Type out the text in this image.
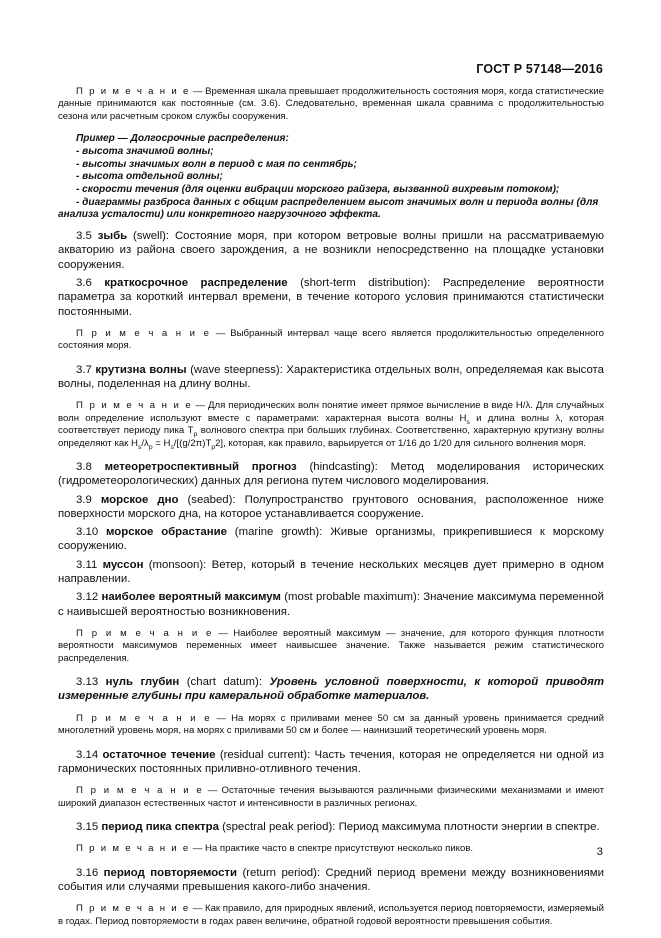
ГОСТ Р 57148—2016

П р и м е ч а н и е — Временная шкала превышает продолжительность состояния моря, когда статистические данные принимаются как постоянные (см. 3.6). Следовательно, временная шкала сравнима с продолжительностью сезона или расчетным сроком службы сооружения.

Пример — Долгосрочные распределения:
- высота значимой волны;
- высоты значимых волн в период с мая по сентябрь;
- высота отдельной волны;
- скорости течения (для оценки вибрации морского райзера, вызванной вихревым потоком);
- диаграммы разброса данных с общим распределением высот значимых волн и периода волны (для анализа усталости) или конкретного нагрузочного эффекта.

3.5 зыбь (swell): Состояние моря, при котором ветровые волны пришли на рассматриваемую акваторию из района своего зарождения, а не возникли непосредственно на площадке установки сооружения.

3.6 краткосрочное распределение (short-term distribution): Распределение вероятности параметра за короткий интервал времени, в течение которого условия принимаются статистически постоянными.

П р и м е ч а н и е — Выбранный интервал чаще всего является продолжительностью определенного состояния моря.

3.7 крутизна волны (wave steepness): Характеристика отдельных волн, определяемая как высота волны, поделенная на длину волны.

П р и м е ч а н и е — Для периодических волн понятие имеет прямое вычисление в виде H/λ. Для случайных волн определение используют вместе с параметрами: характерная высота волны $H_s$ и длина волны λ, которая соответствует периоду пика $T_p$ волнового спектра при больших глубинах. Соответственно, характерную крутизну волны определяют как $H_s/\lambda_p = H_s/[(g/2\pi)T_p2]$, которая, как правило, варьируется от 1/16 до 1/20 для сильного волнения моря.

3.8 метеоретроспективный прогноз (hindcasting): Метод моделирования исторических (гидрометеорологических) данных для региона путем числового моделирования.

3.9 морское дно (seabed): Полупространство грунтового основания, расположенное ниже поверхности морского дна, на которое устанавливается сооружение.

3.10 морское обрастание (marine growth): Живые организмы, прикрепившиеся к морскому сооружению.

3.11 муссон (monsoon): Ветер, который в течение нескольких месяцев дует примерно в одном направлении.

3.12 наиболее вероятный максимум (most probable maximum): Значение максимума переменной с наивысшей вероятностью возникновения.

П р и м е ч а н и е — Наиболее вероятный максимум — значение, для которого функция плотности вероятности максимумов переменных имеет наивысшее значение. Также называется режим статистического распределения.

3.13 нуль глубин (chart datum): Уровень условной поверхности, к которой приводят измеренные глубины при камеральной обработке материалов.

П р и м е ч а н и е — На морях с приливами менее 50 см за данный уровень принимается средний многолетний уровень моря, на морях с приливами 50 см и более — наинизший теоретический уровень моря.

3.14 остаточное течение (residual current): Часть течения, которая не определяется ни одной из гармонических постоянных приливно-отливного течения.

П р и м е ч а н и е — Остаточные течения вызываются различными физическими механизмами и имеют широкий диапазон естественных частот и интенсивности в различных регионах.

3.15 период пика спектра (spectral peak period): Период максимума плотности энергии в спектре.

П р и м е ч а н и е — На практике часто в спектре присутствуют несколько пиков.

3.16 период повторяемости (return period): Средний период времени между возникновениями события или случаями превышения какого-либо значения.

П р и м е ч а н и е — Как правило, для природных явлений, используется период повторяемости, измеряемый в годах. Период повторяемости в годах равен величине, обратной годовой вероятности превышения события.

3
